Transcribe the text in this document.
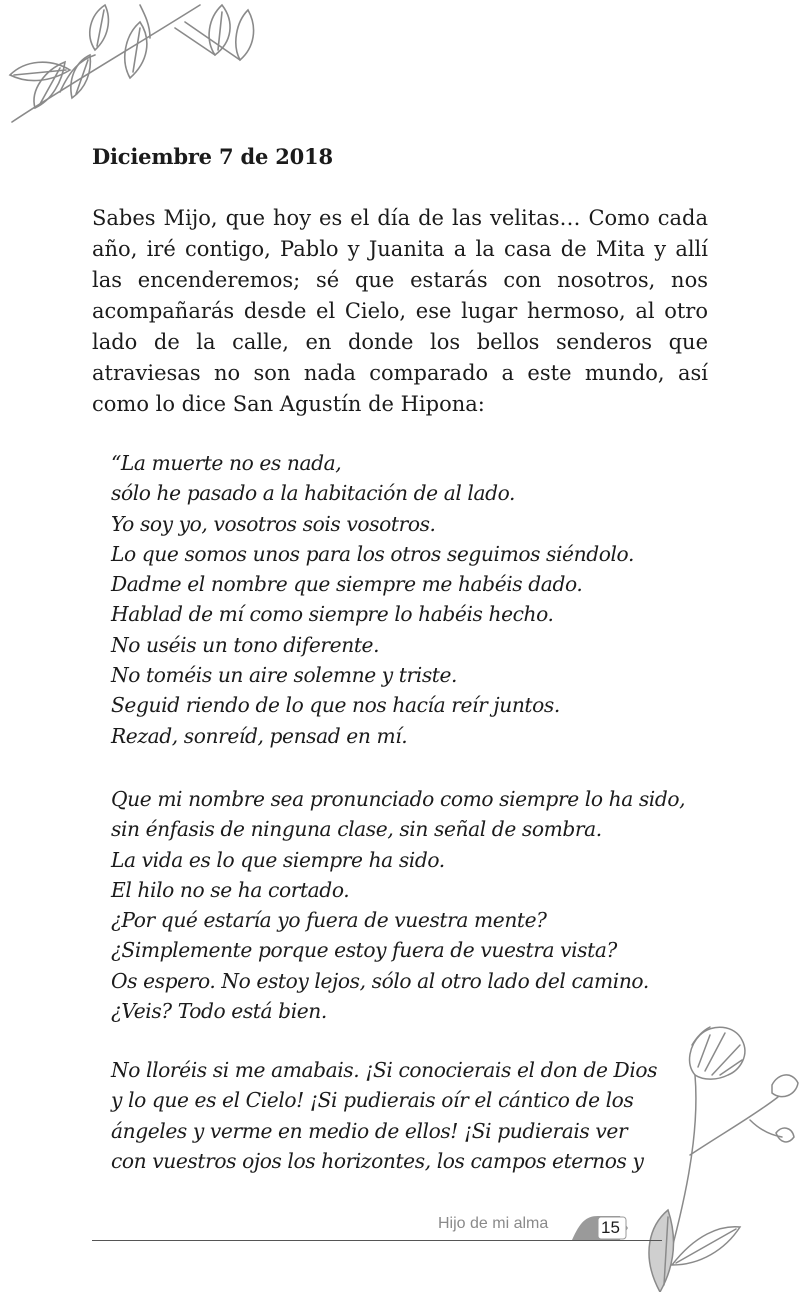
Diciembre 7 de 2018

Sabes Mijo, que hoy es el día de las velitas… Como cada año, iré contigo, Pablo y Juanita a la casa de Mita y allí las encenderemos; sé que estarás con nosotros, nos acompañarás desde el Cielo, ese lugar hermoso, al otro lado de la calle, en donde los bellos senderos que atraviesas no son nada comparado a este mundo, así como lo dice San Agustín de Hipona:

“La muerte no es nada,
sólo he pasado a la habitación de al lado.
Yo soy yo, vosotros sois vosotros.
Lo que somos unos para los otros seguimos siéndolo.
Dadme el nombre que siempre me habéis dado.
Hablad de mí como siempre lo habéis hecho.
No uséis un tono diferente.
No toméis un aire solemne y triste.
Seguid riendo de lo que nos hacía reír juntos.
Rezad, sonreíd, pensad en mí.
Que mi nombre sea pronunciado como siempre lo ha sido,
sin énfasis de ninguna clase, sin señal de sombra.
La vida es lo que siempre ha sido.
El hilo no se ha cortado.
¿Por qué estaría yo fuera de vuestra mente?
¿Simplemente porque estoy fuera de vuestra vista?
Os espero. No estoy lejos, sólo al otro lado del camino.
¿Veis? Todo está bien.
No lloréis si me amabais. ¡Si conocierais el don de Dios
y lo que es el Cielo! ¡Si pudierais oír el cántico de los
ángeles y verme en medio de ellos! ¡Si pudierais ver
con vuestros ojos los horizontes, los campos eternos y
Hijo de mi alma	15
